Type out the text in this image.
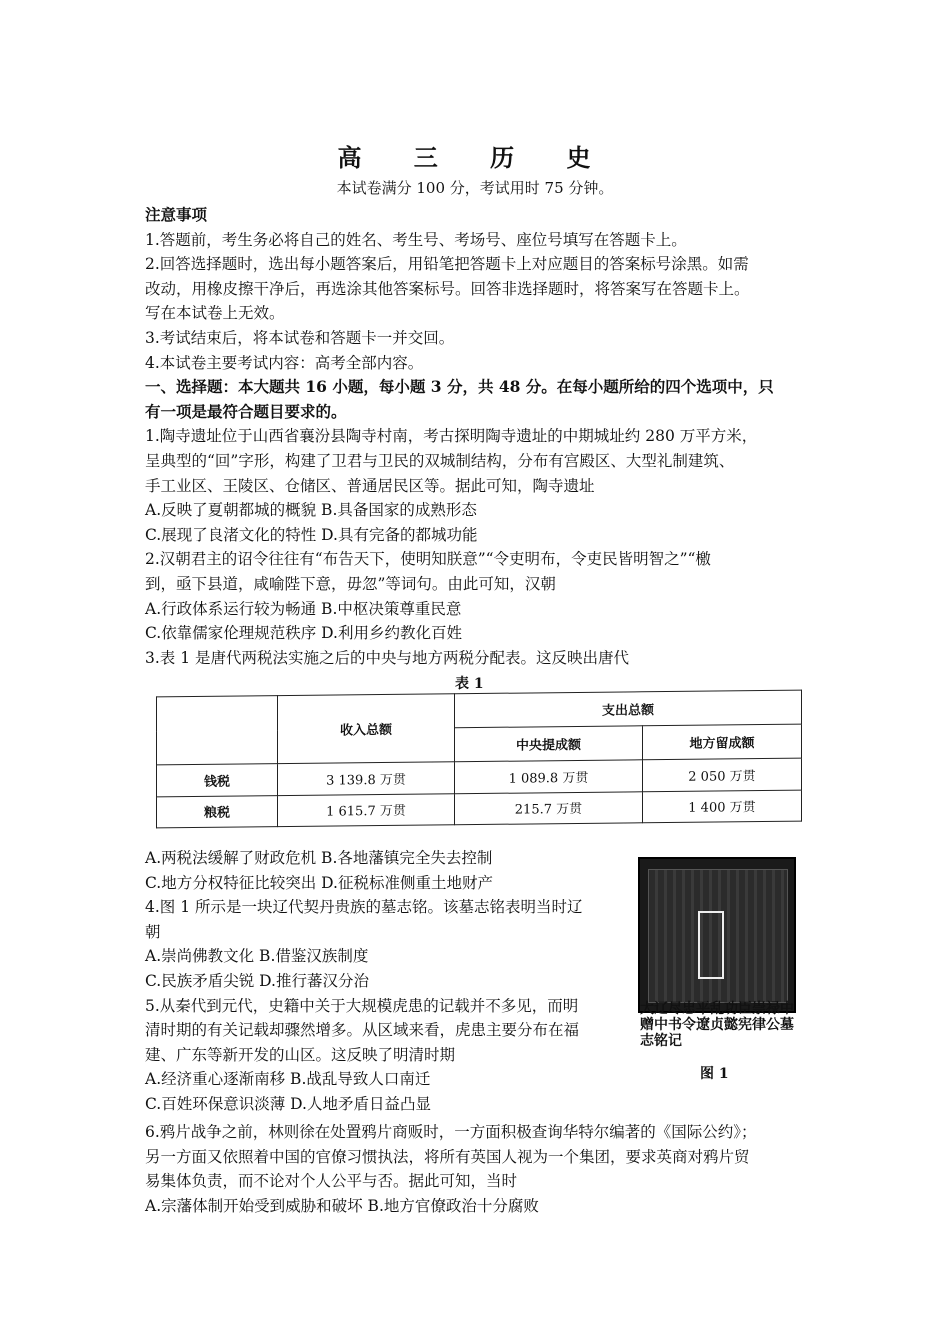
高 三 历 史
本试卷满分 100 分，考试用时 75 分钟。
注意事项
1.答题前，考生务必将自己的姓名、考生号、考场号、座位号填写在答题卡上。
2.回答选择题时，选出每小题答案后，用铅笔把答题卡上对应题目的答案标号涂黑。如需
改动，用橡皮擦干净后，再选涂其他答案标号。回答非选择题时，将答案写在答题卡上。
写在本试卷上无效。
3.考试结束后，将本试卷和答题卡一并交回。
4.本试卷主要考试内容：高考全部内容。
一、选择题：本大题共 16 小题，每小题 3 分，共 48 分。在每小题所给的四个选项中，只
有一项是最符合题目要求的。
1.陶寺遗址位于山西省襄汾县陶寺村南，考古探明陶寺遗址的中期城址约 280 万平方米，
呈典型的“回”字形，构建了卫君与卫民的双城制结构，分布有宫殿区、大型礼制建筑、
手工业区、王陵区、仓储区、普通居民区等。据此可知，陶寺遗址
A.反映了夏朝都城的概貌 B.具备国家的成熟形态
C.展现了良渚文化的特性 D.具有完备的都城功能
2.汉朝君主的诏令往往有“布告天下，使明知朕意”“令吏明布，令吏民皆明智之”“檄
到，亟下县道，咸喻陛下意，毋忽”等词句。由此可知，汉朝
A.行政体系运行较为畅通 B.中枢决策尊重民意
C.依靠儒家伦理规范秩序 D.利用乡约教化百姓
3.表 1 是唐代两税法实施之后的中央与地方两税分配表。这反映出唐代
表 1
	收入总额	支出总额	
		中央提成额	地方留成额
钱税	3 139.8 万贯	1 089.8 万贯	2 050 万贯
粮税	1 615.7 万贯	215.7 万贯	1 400 万贯
A.两税法缓解了财政危机 B.各地藩镇完全失去控制
C.地方分权特征比较突出 D.征税标准侧重土地财产
4.图 1 所示是一块辽代契丹贵族的墓志铭。该墓志铭表明当时辽
朝
A.崇尚佛教文化 B.借鉴汉族制度
C.民族矛盾尖锐 D.推行蕃汉分治
5.从秦代到元代，史籍中关于大规模虎患的记载并不多见，而明
清时期的有关记载却骤然增多。从区域来看，虎患主要分布在福
建、广东等新开发的山区。这反映了明清时期
A.经济重心逐渐南移 B.战乱导致人口南迁
C.百姓环保意识淡薄 D.人地矛盾日益凸显
大辽尽忠平乱功臣崇禄中赠中书令遼贞懿宪律公墓志铭记
图 1
6.鸦片战争之前，林则徐在处置鸦片商贩时，一方面积极查询华特尔编著的《国际公约》；
另一方面又依照着中国的官僚习惯执法，将所有英国人视为一个集团，要求英商对鸦片贸
易集体负责，而不论对个人公平与否。据此可知，当时
A.宗藩体制开始受到威胁和破坏 B.地方官僚政治十分腐败
